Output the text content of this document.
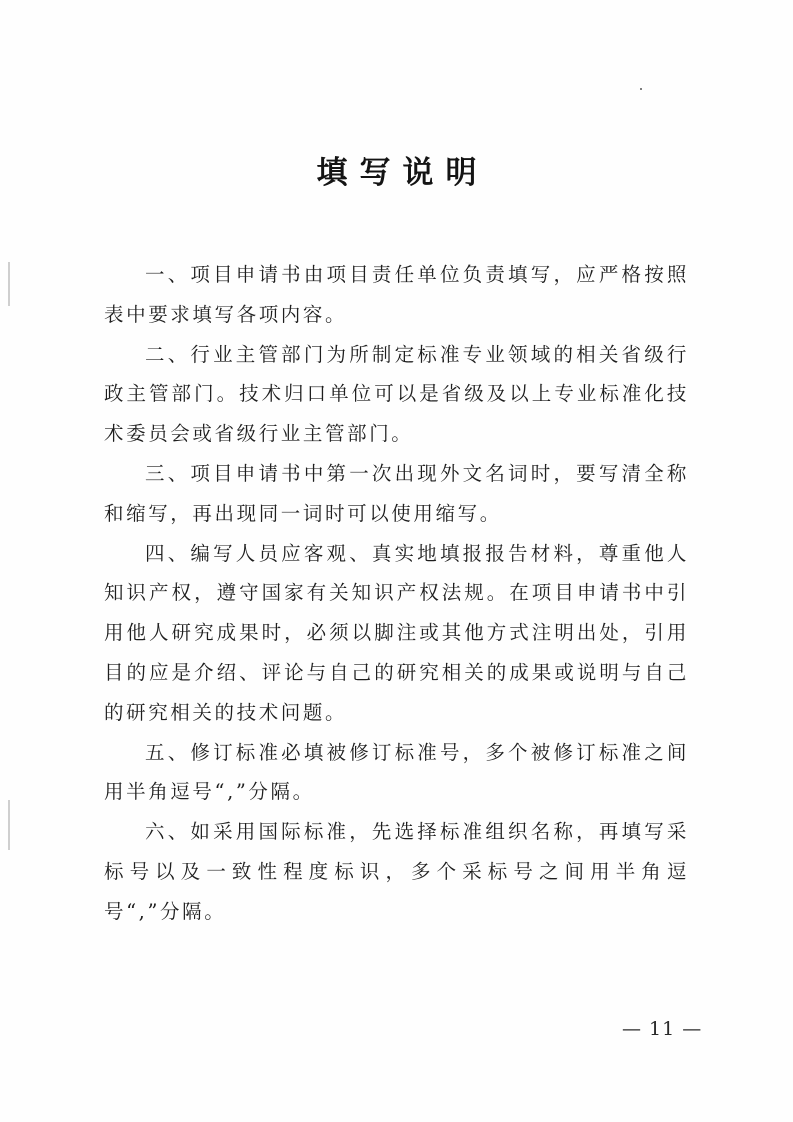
填写说明

一、项目申请书由项目责任单位负责填写，应严格按照表中要求填写各项内容。

二、行业主管部门为所制定标准专业领域的相关省级行政主管部门。技术归口单位可以是省级及以上专业标准化技术委员会或省级行业主管部门。

三、项目申请书中第一次出现外文名词时，要写清全称和缩写，再出现同一词时可以使用缩写。

四、编写人员应客观、真实地填报报告材料，尊重他人知识产权，遵守国家有关知识产权法规。在项目申请书中引用他人研究成果时，必须以脚注或其他方式注明出处，引用目的应是介绍、评论与自己的研究相关的成果或说明与自己的研究相关的技术问题。

五、修订标准必填被修订标准号，多个被修订标准之间用半角逗号“,”分隔。

六、如采用国际标准，先选择标准组织名称，再填写采标号以及一致性程度标识，多个采标号之间用半角逗号“,”分隔。

— 11 —
